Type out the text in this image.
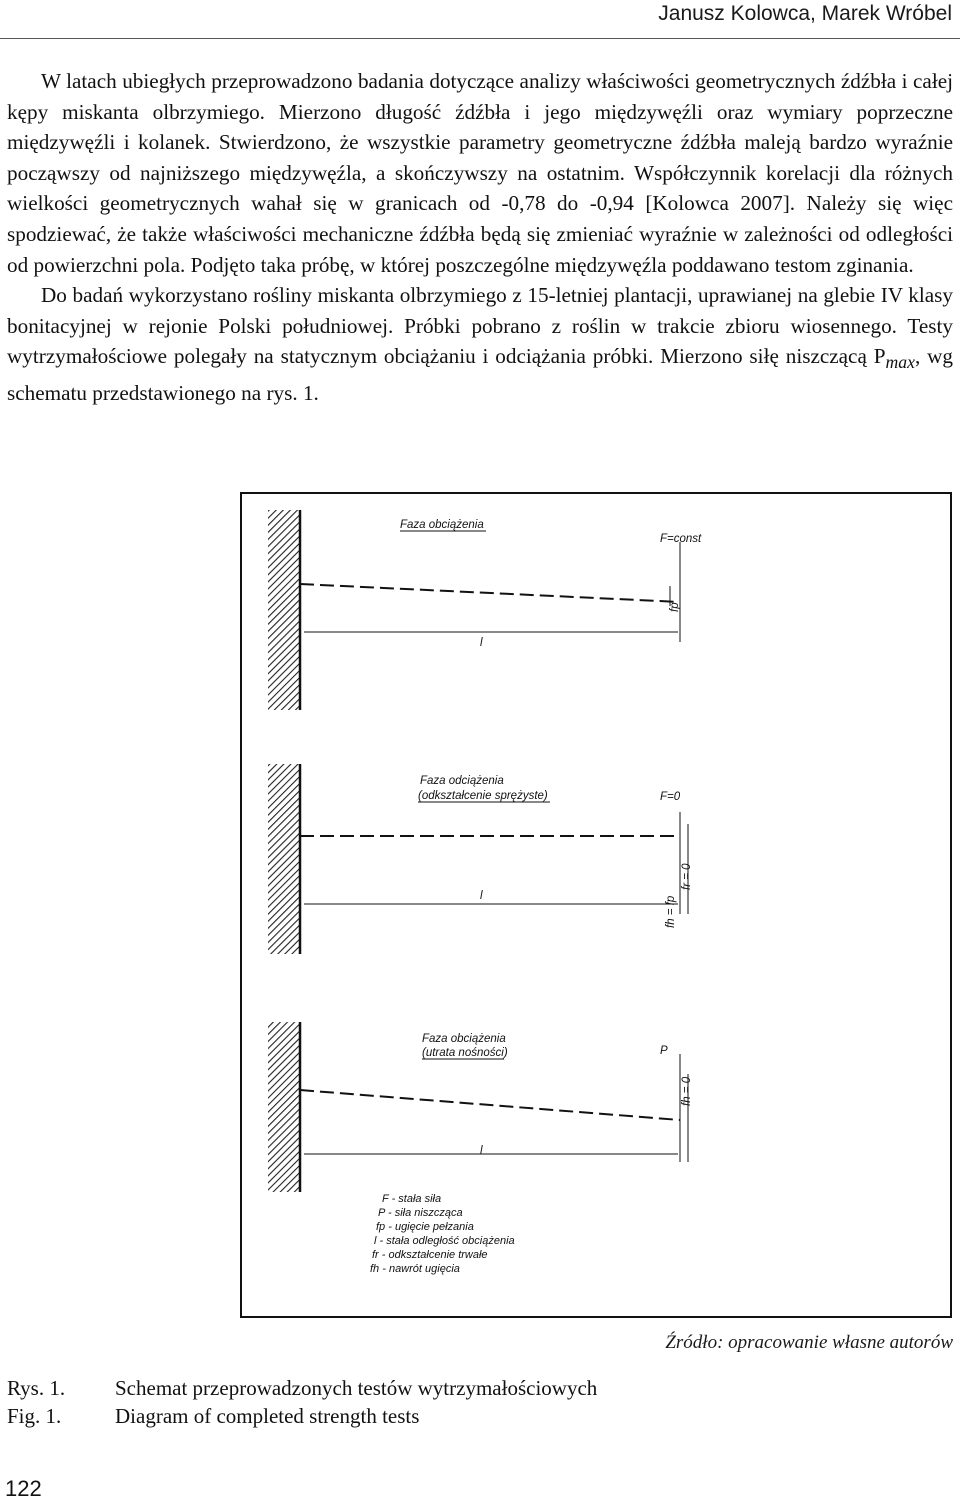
Janusz Kolowca, Marek Wróbel

W latach ubiegłych przeprowadzono badania dotyczące analizy właściwości geometrycznych źdźbła i całej kępy miskanta olbrzymiego. Mierzono długość źdźbła i jego międzywęźli oraz wymiary poprzeczne międzywęźli i kolanek. Stwierdzono, że wszystkie parametry geometryczne źdźbła maleją bardzo wyraźnie począwszy od najniższego międzywęźla, a skończywszy na ostatnim. Współczynnik korelacji dla różnych wielkości geometrycznych wahał się w granicach od -0,78 do -0,94 [Kolowca 2007]. Należy się więc spodziewać, że także właściwości mechaniczne źdźbła będą się zmieniać wyraźnie w zależności od odległości od powierzchni pola. Podjęto taka próbę, w której poszczególne międzywęźla poddawano testom zginania.

Do badań wykorzystano rośliny miskanta olbrzymiego z 15-letniej plantacji, uprawianej na glebie IV klasy bonitacyjnej w rejonie Polski południowej. Próbki pobrano z roślin w trakcie zbioru wiosennego. Testy wytrzymałościowe polegały na statycznym obciążaniu i odciążania próbki. Mierzono siłę niszczącą $P_{max}$, wg schematu przedstawionego na rys. 1.

Faza obciążenia
F=const
fp
l
Faza odciążenia
(odkształcenie sprężyste)	F=0
fh = fp
fr = 0
l
Faza obciążenia
(utrata nośności)	P
fh = 0
l
F - stała siła
P - siła niszcząca
fp - ugięcie pełzania
l - stała odległość obciążenia
fr - odkształcenie trwałe
fh - nawrót ugięcia
Źródło: opracowanie własne autorów
Rys. 1. Schemat przeprowadzonych testów wytrzymałościowych
Fig. 1.	Diagram of completed strength tests
122
